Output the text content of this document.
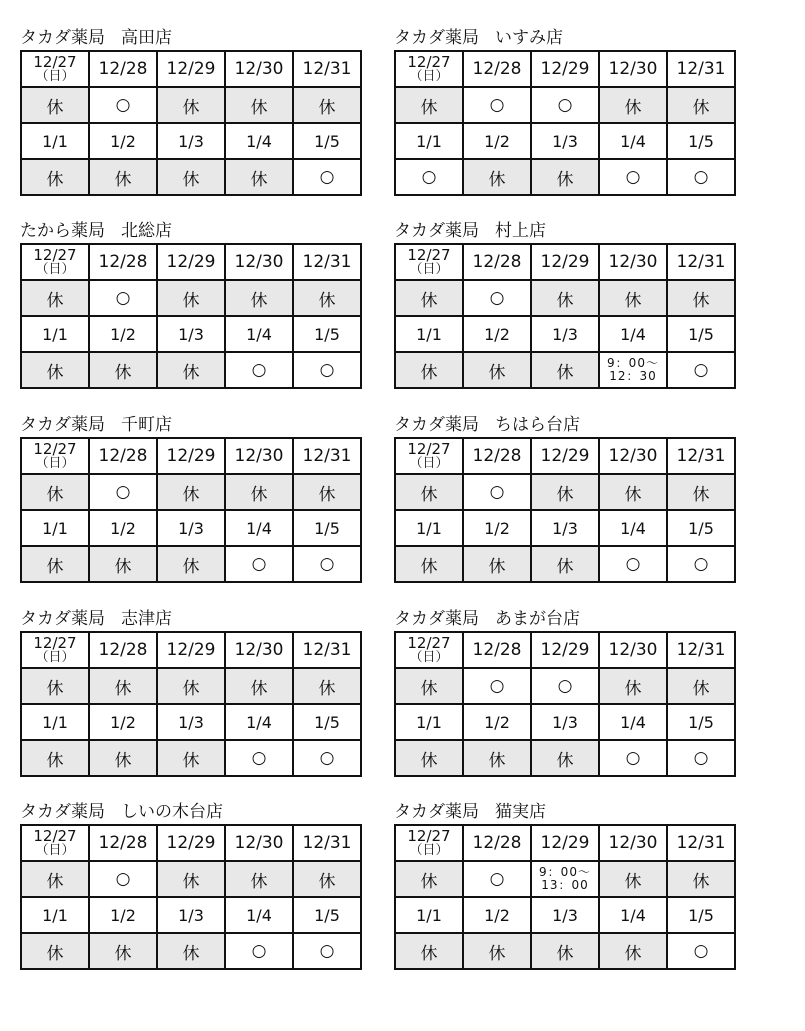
タカダ薬局 高田店
12/27
（日）	12/28	12/29	12/30	12/31
休	○	休	休	休
1/1	1/2	1/3	1/4	1/5
休	休	休	休	○
タカダ薬局 いすみ店
12/27
（日）	12/28	12/29	12/30	12/31
休	○	○	休	休
1/1	1/2	1/3	1/4	1/5
○	休	休	○	○
たから薬局 北総店
12/27
（日）	12/28	12/29	12/30	12/31
休	○	休	休	休
1/1	1/2	1/3	1/4	1/5
休	休	休	○	○
タカダ薬局 村上店
12/27
（日）	12/28	12/29	12/30	12/31
休	○	休	休	休
1/1	1/2	1/3	1/4	1/5
休	休	休	9：00～
12：30	○
タカダ薬局 千町店
12/27
（日）	12/28	12/29	12/30	12/31
休	○	休	休	休
1/1	1/2	1/3	1/4	1/5
休	休	休	○	○
タカダ薬局 ちはら台店
12/27
（日）	12/28	12/29	12/30	12/31
休	○	休	休	休
1/1	1/2	1/3	1/4	1/5
休	休	休	○	○
タカダ薬局 志津店
12/27
（日）	12/28	12/29	12/30	12/31
休	休	休	休	休
1/1	1/2	1/3	1/4	1/5
休	休	休	○	○
タカダ薬局 あまが台店
12/27
（日）	12/28	12/29	12/30	12/31
休	○	○	休	休
1/1	1/2	1/3	1/4	1/5
休	休	休	○	○
タカダ薬局 しいの木台店
12/27
（日）	12/28	12/29	12/30	12/31
休	○	休	休	休
1/1	1/2	1/3	1/4	1/5
休	休	休	○	○
タカダ薬局 猫実店
12/27
（日）	12/28	12/29	12/30	12/31
休	○	9：00～
13：00	休	休
1/1	1/2	1/3	1/4	1/5
休	休	休	休	○
